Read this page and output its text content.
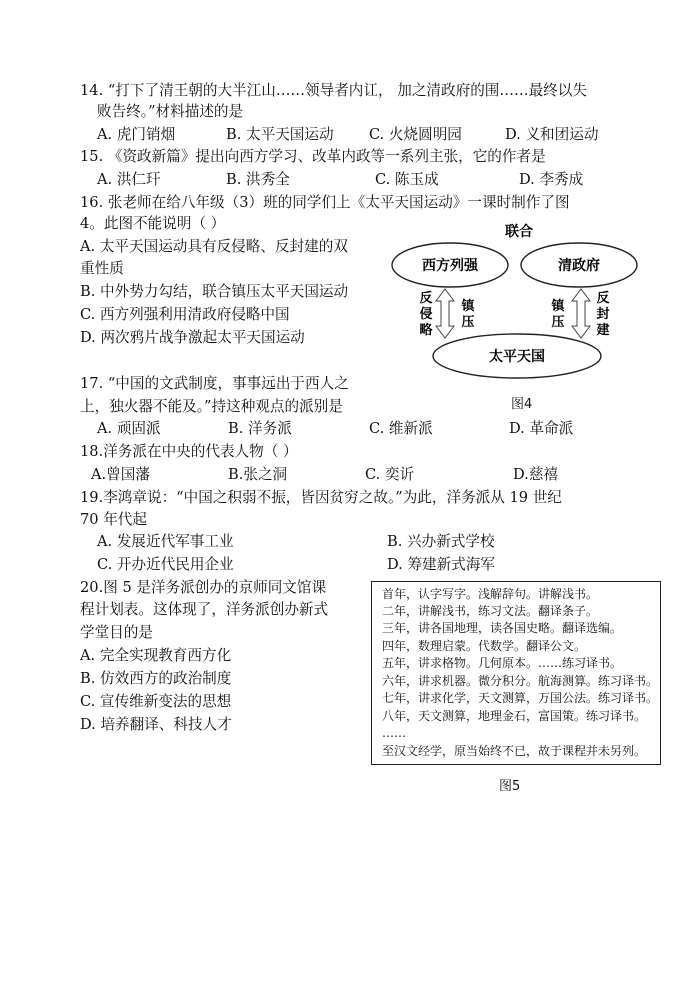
14. “打下了清王朝的大半江山……领导者内讧， 加之清政府的围……最终以失
败告终。”材料描述的是
A. 虎门销烟	B. 太平天国运动 C. 火烧圆明园	D. 义和团运动
15. 《资政新篇》提出向西方学习、改革内政等一系列主张，它的作者是
A. 洪仁玕	B. 洪秀全	C. 陈玉成	D. 李秀成
16. 张老师在给八年级（3）班的同学们上《太平天国运动》一课时制作了图
4。此图不能说明（ ）
A. 太平天国运动具有反侵略、反封建的双
重性质
B. 中外势力勾结，联合镇压太平天国运动
C. 西方列强利用清政府侵略中国
D. 两次鸦片战争激起太平天国运动
联合
西方列强	清政府
太平天国
反
侵
略
镇
压
镇
压
反
封
建
图4
17. “中国的文武制度，事事远出于西人之
上，独火器不能及。”持这种观点的派别是
A. 顽固派	B. 洋务派	C. 维新派	D. 革命派
18.洋务派在中央的代表人物（ ）
A.曾国藩	B.张之洞	C. 奕䜣	D.慈禧
19.李鸿章说：“中国之积弱不振，皆因贫穷之故。”为此，洋务派从 19 世纪
70 年代起
A. 发展近代军事工业	B. 兴办新式学校
C. 开办近代民用企业	D. 筹建新式海军
20.图 5 是洋务派创办的京师同文馆课
程计划表。这体现了，洋务派创办新式
学堂目的是
A. 完全实现教育西方化
B. 仿效西方的政治制度
C. 宣传维新变法的思想
D. 培养翻译、科技人才
首年，认字写字。浅解辞句。讲解浅书。
二年，讲解浅书，练习文法。翻译条子。
三年，讲各国地理，读各国史略。翻译选编。
四年，数理启蒙。代数学。翻译公文。
五年，讲求格物。几何原本。……练习译书。
六年，讲求机器。微分积分。航海测算。练习译书。
七年，讲求化学，天文测算，万国公法。练习译书。
八年，天文测算，地理金石，富国策。练习译书。
……
至汉文经学，原当始终不已，故于课程并未另列。
图5
